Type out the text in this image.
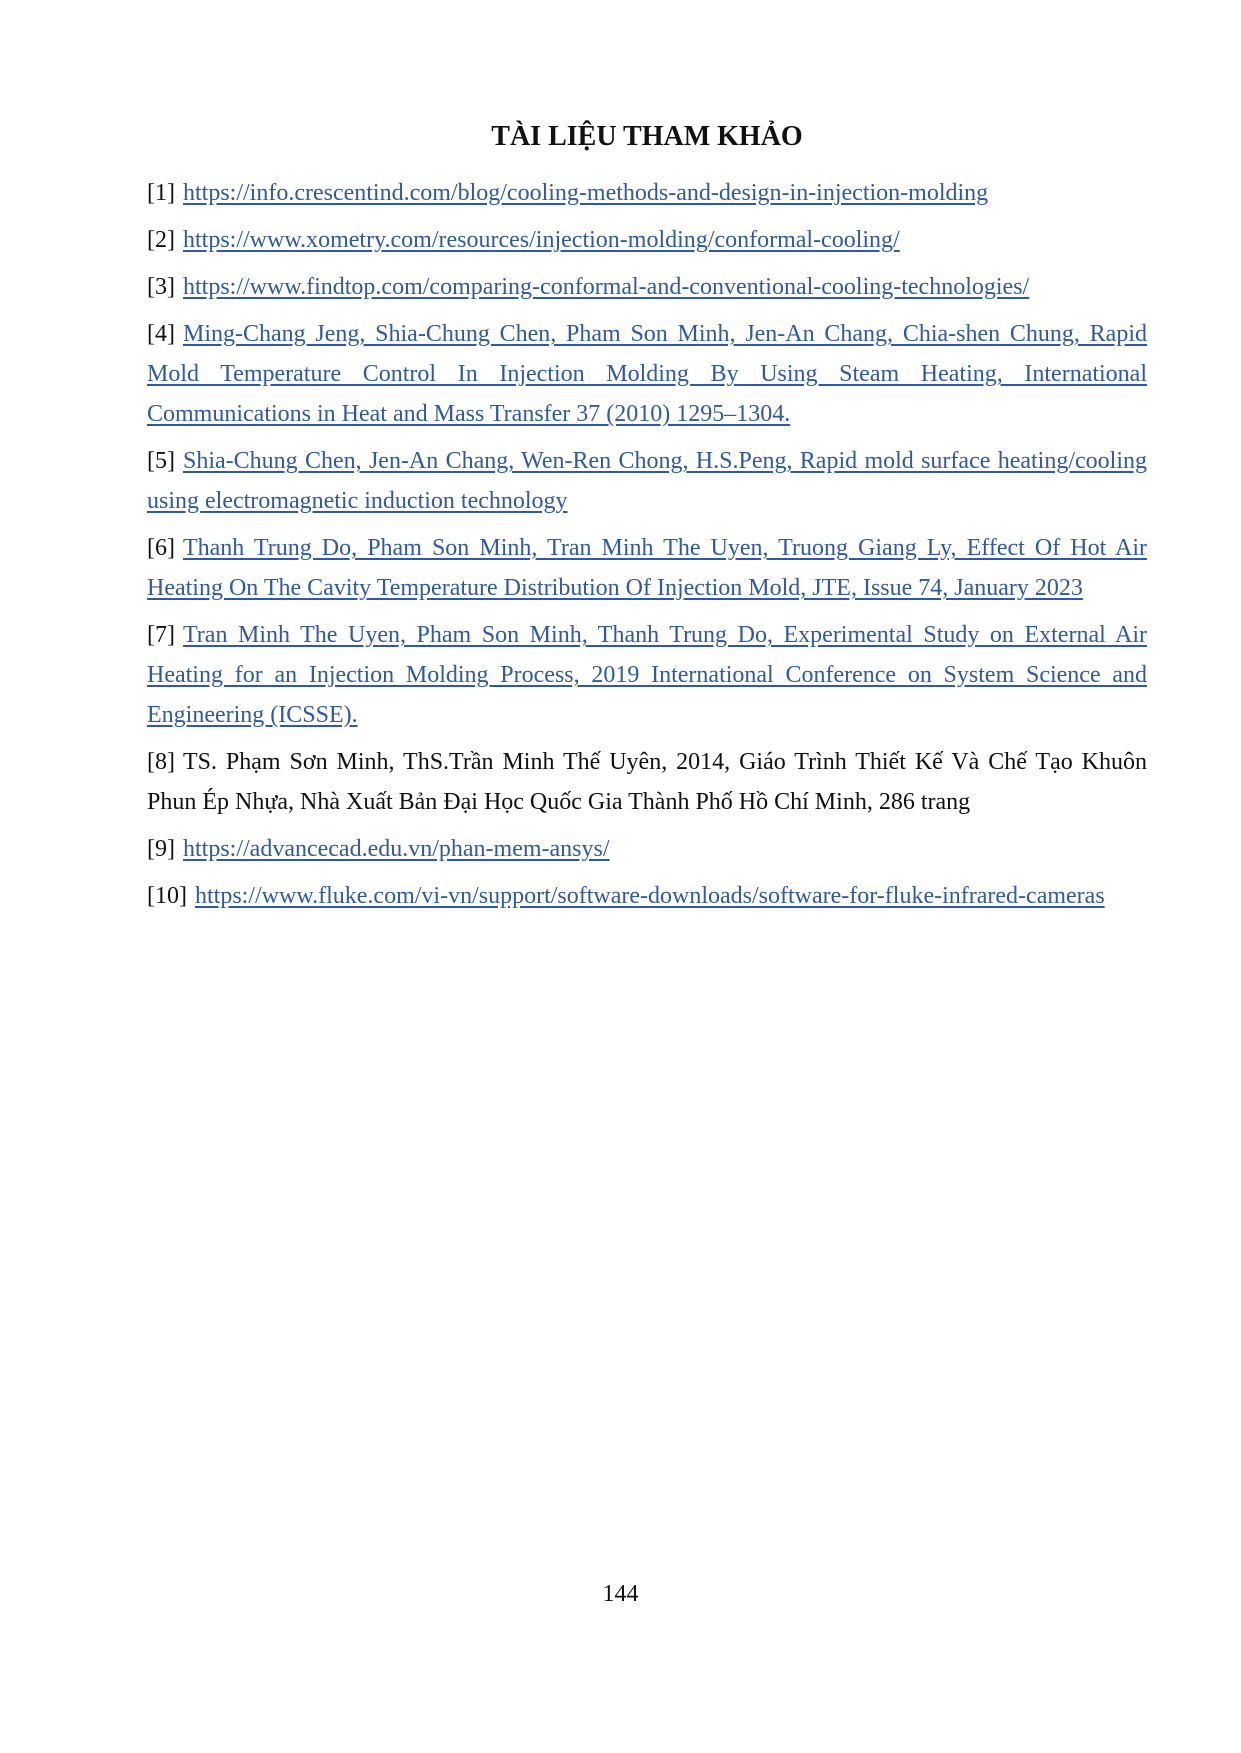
TÀI LIỆU THAM KHẢO
[1] https://info.crescentind.com/blog/cooling-methods-and-design-in-injection-molding
[2] https://www.xometry.com/resources/injection-molding/conformal-cooling/
[3] https://www.findtop.com/comparing-conformal-and-conventional-cooling-technologies/
[4] Ming-Chang Jeng, Shia-Chung Chen, Pham Son Minh, Jen-An Chang, Chia-shen Chung, Rapid Mold Temperature Control In Injection Molding By Using Steam Heating, International Communications in Heat and Mass Transfer 37 (2010) 1295–1304.
[5] Shia-Chung Chen, Jen-An Chang, Wen-Ren Chong, H.S.Peng, Rapid mold surface heating/cooling using electromagnetic induction technology
[6] Thanh Trung Do, Pham Son Minh, Tran Minh The Uyen, Truong Giang Ly, Effect Of Hot Air Heating On The Cavity Temperature Distribution Of Injection Mold, JTE, Issue 74, January 2023
[7] Tran Minh The Uyen, Pham Son Minh, Thanh Trung Do, Experimental Study on External Air Heating for an Injection Molding Process, 2019 International Conference on System Science and Engineering (ICSSE).
[8] TS. Phạm Sơn Minh, ThS.Trần Minh Thế Uyên, 2014, Giáo Trình Thiết Kế Và Chế Tạo Khuôn Phun Ép Nhựa, Nhà Xuất Bản Đại Học Quốc Gia Thành Phố Hồ Chí Minh, 286 trang
[9] https://advancecad.edu.vn/phan-mem-ansys/
[10] https://www.fluke.com/vi-vn/support/software-downloads/software-for-fluke-infrared-cameras
144
